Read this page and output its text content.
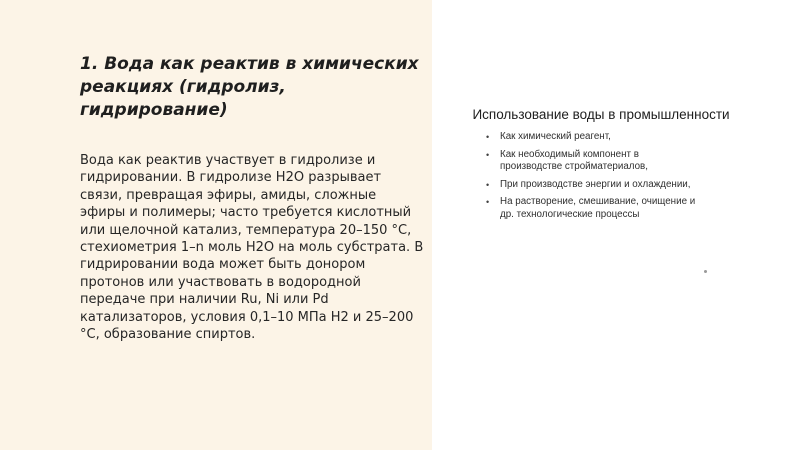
1. Вода как реактив в химических реакциях (гидролиз, гидрирование)

Вода как реактив участвует в гидролизе и гидрировании. В гидролизе H2O разрывает связи, превращая эфиры, амиды, сложные эфиры и полимеры; часто требуется кислотный или щелочной катализ, температура 20–150 °C, стехиометрия 1–n моль H2O на моль субстрата. В гидрировании вода может быть донором протонов или участвовать в водородной передаче при наличии Ru, Ni или Pd катализаторов, условия 0,1–10 МПа H2 и 25–200 °C, образование спиртов.

Использование воды в промышленности
• Как химический реагент,
• Как необходимый компонент в производстве стройматериалов,
• При производстве энергии и охлаждении,
• На растворение, смешивание, очищение и др. технологические процессы
